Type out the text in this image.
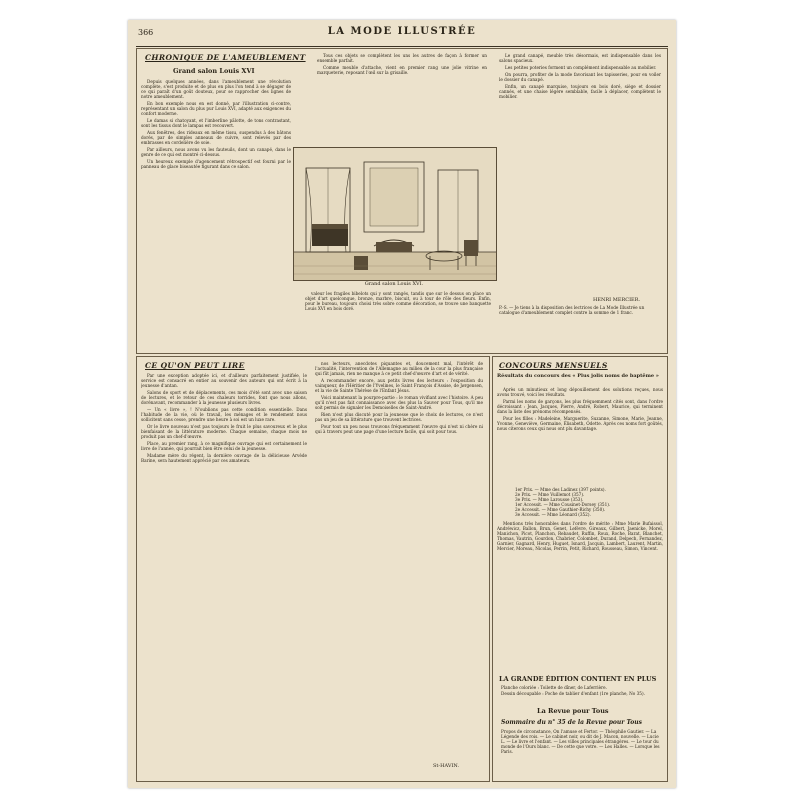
366	LA MODE ILLUSTRÉE
CHRONIQUE DE L'AMEUBLEMENT
Grand salon Louis XVI

Depuis quelques années, dans l'ameublement une révolution complète, s'est produite et de plus en plus l'on tend à se dégager de ce qui paraît d'un goût douteux, pour se rapprocher des lignes de notre ameublement.

En bon exemple nous en est donné, par l'illustration ci-contre, représentant un salon du plus pur Louis XVI, adapté aux exigences du confort moderne.

Le damas si chatoyant, et l'imberline pâlotte, de tons contrastant, sont les tissus dont le lampas est recouvert.

Aux fenêtres, des rideaux en même tissu, suspendus à des bâtons dorés, par de simples anneaux de cuivre, sont relevés par des embrasses en cordelière de soie.

Par ailleurs, nous avons vu les fauteuils, dont un canapé, dans le genre de ce qui est montré ci-dessus.

Un heureux exemple d'agencement rétrospectif est fourni par le panneau de glace biseautée figurant dans ce salon.

Tous ces objets se complètent les uns les autres de façon à former un ensemble parfait.

Comme meuble d'attache, vient en premier rang une jolie vitrine en marqueterie, reposant l'œil sur la grisaille.

Le grand canapé, meuble très désormais, est indispensable dans les salons spacieux.

Les petites poteries forment un complément indispensable au mobilier.

On pourra, profiter de la mode favorisant les tapisseries, pour en voiler le dossier du canapé.

Enfin, un canapé marquise, toujours en bois doré, siège et dossier cannés, et une chaise légère semblable, facile à déplacer, complètent le mobilier.

HENRI MERCIER.
P.-S. — Je tiens à la disposition des lectrices de La Mode Illustrée un catalogue d'ameublement complet contre la somme de 1 franc.
Grand salon Louis XVI.

valeur les fragiles bibelots qui y sont rangés, tandis que sur le dessus on place un objet d'art quelconque, bronze, marbre, biscuit, ou à tour de rôle des fleurs. Enfin, pour le bureau, toujours choisi très sobre comme décoration, se trouve une banquette Louis XVI en bois doré.

CE QU'ON PEUT LIRE

Par une exception adoptée ici, et d'ailleurs parfaitement justifiée, le service est consacré en entier au souvenir des auteurs qui ont écrit à la jeunesse d'antan.

Salons de sport et de déplacements, ces mois d'été sont avec une saison de lectures, et le retour de ces chaleurs torrides, font que nous allons, dorénavant, recommander à la jeunesse plusieurs livres.

— Un « livre », ! N'oublions pas cette condition essentielle. Dans l'habitude de la vie, où le travail, les ménages et le rendement nous sollicitent sans cesse, prendre une heure à soi est un luxe rare.

Or le livre nouveau n'est pas toujours le fruit le plus savoureux et le plus bienfaisant de la littérature moderne. Chaque semaine, chaque mois ne produit pas un chef-d'œuvre.

Place, au premier rang, à ce magnifique ouvrage qui est certainement le livre de l'année, qui pourrait bien être celui de la jeunesse.

Madame mère du régent, la dernière ouvrage de la délicieuse Arvède Barine, sera hautement apprécié par ces amateurs.

nos lecteurs, anecdotes piquantes et, doucement mal, l'intérêt de l'actualité, l'intervention de l'Allemagne au milieu de la cour la plus française qui fût jamais, rien ne manque à ce petit chef-d'œuvre d'art et de vérité.

A recommander encore, aux petits livres des lecteurs : l'exposition du vainqueur, de l'Héritier de l'Yvelines, le Saint François d'Assise, de Jørgensen, et la vie de Sainte Thérèse de l'Enfant Jésus.

Voici maintenant la pourpre-partie : le roman vivifiant avec l'histoire. A peu qu'il n'est pas fait connaissance avec des plus la Sauver pour Tous, qu'il me soit permis de signaler les Demoiselles de Saint-André.

Rien n'est plus discuté pour la jeunesse que le choix de lectures, ce n'est pas un jeu de sa littérature que trouvent lectrices.

Pour tout un peu nous trouvons fréquemment l'œuvre qui n'est ni chère ni qui à travers peut une page d'une lecture facile, qui soit pour tous.

St-HAVIN.
CONCOURS MENSUELS
Résultats du concours des « Plus jolis noms de baptême »

Après un minutieux et long dépouillement des solutions reçues, nous avons trouvé, voici les résultats.

Parmi les noms de garçons, les plus fréquemment cités sont, dans l'ordre décroissant : Jean, Jacques, Pierre, André, Robert, Maurice, qui terminent dans la liste des prénoms récompensés.

Pour les filles : Madeleine, Marguerite, Suzanne, Simone, Marie, Jeanne, Yvonne, Geneviève, Germaine, Élisabeth, Odette. Après ces noms fort goûtés, nous citerons ceux qui nous ont plu davantage.

1er Prix. — Mme des Ladinez (397 points).
2e Prix. — Mme Vuillemot (357).
3e Prix. — Mme Larousse (353).
1er Accessit. — Mme Cousinet-Dorsey (351).
2e Accessit. — Mme Gauthier-Richy (350).
3e Accessit. — Mme Léonard (352).

Mentions très honorables dans l'ordre de mérite : Mme Marie Bufaissol, Andréwicz, Ballon, Brun, Genet, Lefèvre, Gireaux, Gilbert, Jaenicke, Morel, Manichon, Picot, Planchon, Rebaudet, Ruffin, Roux, Roche, Barat, Blanchet, Thomas, Vautrin, Gourdon, Chabrier, Colombet, Durand, Delpech, Fernandez, Garnier, Gagnard, Henry, Huguet, Isnard, Jacquin, Lambert, Laurent, Martin, Mercier, Moreau, Nicolas, Perrin, Petit, Richard, Rousseau, Simon, Vincent.

LA GRANDE ÉDITION CONTIENT EN PLUS
Planche coloriée : Toilette de dîner, de Laferrière.
Dessin découpable : Poche de tablier d'enfant (1re planche, No 35).
La Revue pour Tous
Sommaire du n° 35 de la Revue pour Tous
Propos de circonstance, On l'amuse et Fertor. — Théophile Gautier. — La Légende des rois. — Le cabinet noir, ou dit de J. Macon, nouvelle. — Lucie L. — Le livre et l'enfant. — Les villes principales étrangères. — Le tour du monde de l'Ours blanc. — De cette que votre. — Les Halles. — Lorsque les Paris.
